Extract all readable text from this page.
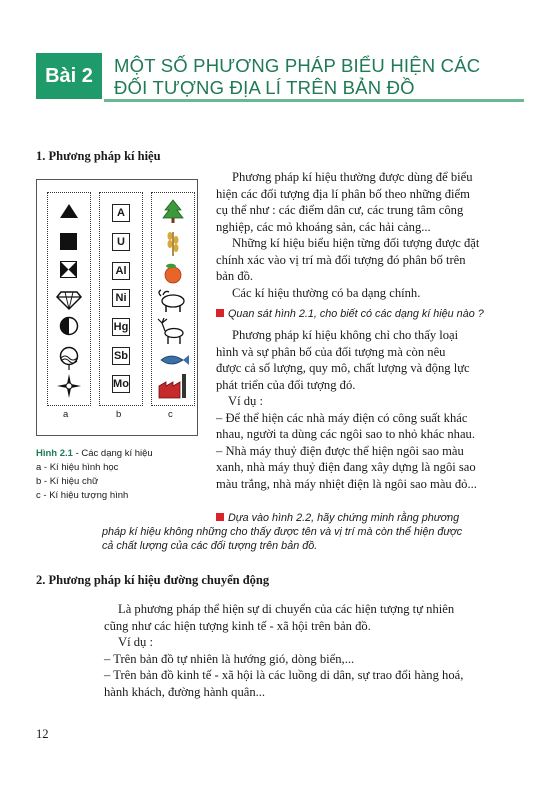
Bài 2	MỘT SỐ PHƯƠNG PHÁP BIỂU HIỆN CÁC
ĐỐI TƯỢNG ĐỊA LÍ TRÊN BẢN ĐỒ
1. Phương pháp kí hiệu
A
U
Al
Ni
Hg
Sb
Mo
a	b	c
Hình 2.1 - Các dạng kí hiệu
a - Kí hiệu hình học
b - Kí hiệu chữ
c - Kí hiệu tượng hình
Phương pháp kí hiệu thường được dùng để biểu
hiện các đối tượng địa lí phân bố theo những điểm
cụ thể như : các điểm dân cư, các trung tâm công
nghiệp, các mỏ khoáng sản, các hải cảng...
Những kí hiệu biểu hiện từng đối tượng được đặt
chính xác vào vị trí mà đối tượng đó phân bố trên
bản đồ.
Các kí hiệu thường có ba dạng chính.
Quan sát hình 2.1, cho biết có các dạng kí hiệu nào ?
Phương pháp kí hiệu không chỉ cho thấy loại
hình và sự phân bố của đối tượng mà còn nêu
được cả số lượng, quy mô, chất lượng và động lực
phát triển của đối tượng đó.
Ví dụ :
– Để thể hiện các nhà máy điện có công suất khác
nhau, người ta dùng các ngôi sao to nhỏ khác nhau.
– Nhà máy thuỷ điện được thể hiện ngôi sao màu
xanh, nhà máy thuỷ điện đang xây dựng là ngôi sao
màu trắng, nhà máy nhiệt điện là ngôi sao màu đỏ...
Dựa vào hình 2.2, hãy chứng minh rằng phương
pháp kí hiệu không những cho thấy được tên và vị trí mà còn thể hiện được
cả chất lượng của các đối tượng trên bản đồ.
2. Phương pháp kí hiệu đường chuyển động
Là phương pháp thể hiện sự di chuyển của các hiện tượng tự nhiên
cũng như các hiện tượng kinh tế - xã hội trên bản đồ.
Ví dụ :
– Trên bản đồ tự nhiên là hướng gió, dòng biển,...
– Trên bản đồ kinh tế - xã hội là các luồng di dân, sự trao đổi hàng hoá,
hành khách, đường hành quân...
12
